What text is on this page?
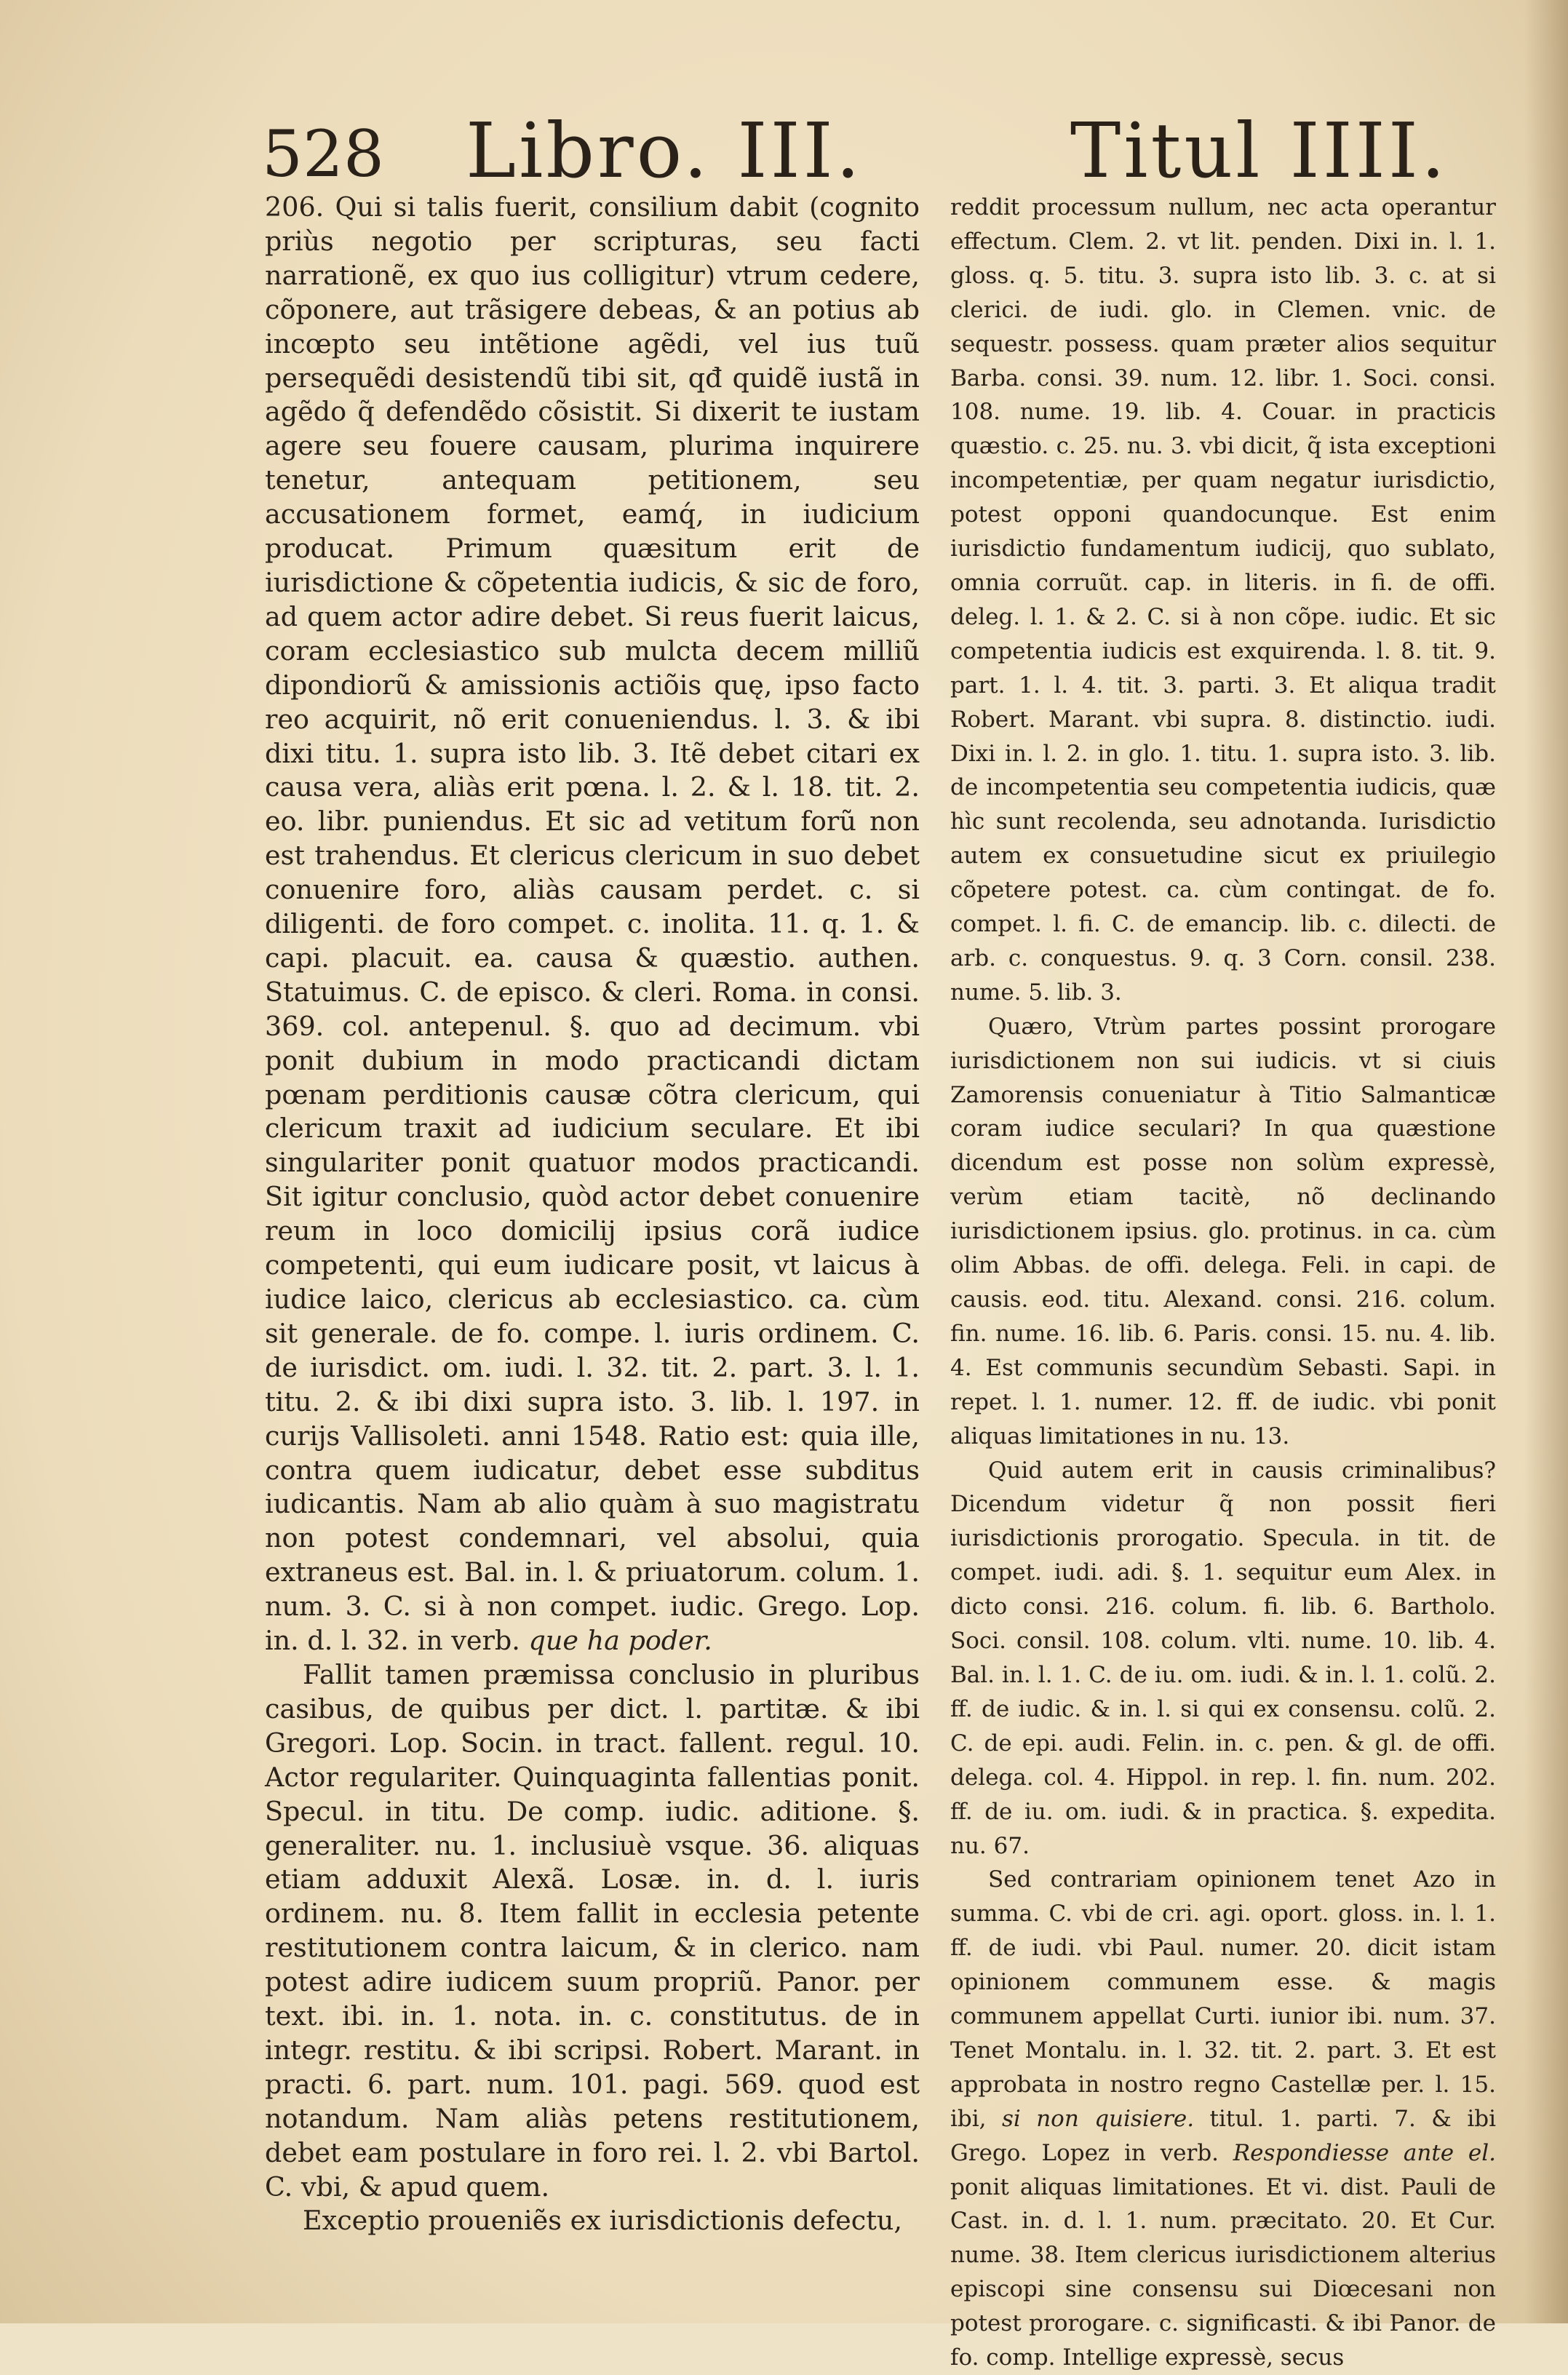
528 Libro. III.	Titul IIII.

206. Qui si talis fuerit, consilium dabit (cognito priùs negotio per scripturas, seu facti narrationẽ, ex quo ius colligitur) vtrum cedere, cõponere, aut trãsigere debeas, & an potius ab incœpto seu intẽtione agẽdi, vel ius tuũ persequẽdi desistendũ tibi sit, qđ quidẽ iustã in agẽdo q̃ defendẽdo cõsistit. Si dixerit te iustam agere seu fouere causam, plurima inquirere tenetur, antequam petitionem, seu accusationem formet, eamq́, in iudicium producat. Primum quæsitum erit de iurisdictione & cõpetentia iudicis, & sic de foro, ad quem actor adire debet. Si reus fuerit laicus, coram ecclesiastico sub mulcta decem milliũ dipondiorũ & amissionis actiõis quę, ipso facto reo acquirit, nõ erit conueniendus. l. 3. & ibi dixi titu. 1. supra isto lib. 3. Itẽ debet citari ex causa vera, aliàs erit pœna. l. 2. & l. 18. tit. 2. eo. libr. puniendus. Et sic ad vetitum forũ non est trahendus. Et clericus clericum in suo debet conuenire foro, aliàs causam perdet. c. si diligenti. de foro compet. c. inolita. 11. q. 1. & capi. placuit. ea. causa & quæstio. authen. Statuimus. C. de episco. & cleri. Roma. in consi. 369. col. antepenul. §. quo ad decimum. vbi ponit dubium in modo practicandi dictam pœnam perditionis causæ cõtra clericum, qui clericum traxit ad iudicium seculare. Et ibi singulariter ponit quatuor modos practicandi. Sit igitur conclusio, quòd actor debet conuenire reum in loco domicilij ipsius corã iudice competenti, qui eum iudicare posit, vt laicus à iudice laico, clericus ab ecclesiastico. ca. cùm sit generale. de fo. compe. l. iuris ordinem. C. de iurisdict. om. iudi. l. 32. tit. 2. part. 3. l. 1. titu. 2. & ibi dixi supra isto. 3. lib. l. 197. in curijs Vallisoleti. anni 1548. Ratio est: quia ille, contra quem iudicatur, debet esse subditus iudicantis. Nam ab alio quàm à suo magistratu non potest condemnari, vel absolui, quia extraneus est. Bal. in. l. & priuatorum. colum. 1. num. 3. C. si à non compet. iudic. Grego. Lop. in. d. l. 32. in verb. que ha poder.

Fallit tamen præmissa conclusio in pluribus casibus, de quibus per dict. l. partitæ. & ibi Gregori. Lop. Socin. in tract. fallent. regul. 10. Actor regulariter. Quinquaginta fallentias ponit. Specul. in titu. De comp. iudic. aditione. §. generaliter. nu. 1. inclusiuè vsque. 36. aliquas etiam adduxit Alexã. Losæ. in. d. l. iuris ordinem. nu. 8. Item fallit in ecclesia petente restitutionem contra laicum, & in clerico. nam potest adire iudicem suum propriũ. Panor. per text. ibi. in. 1. nota. in. c. constitutus. de in integr. restitu. & ibi scripsi. Robert. Marant. in practi. 6. part. num. 101. pagi. 569. quod est notandum. Nam aliàs petens restitutionem, debet eam postulare in foro rei. l. 2. vbi Bartol. C. vbi, & apud quem.

Exceptio proueniẽs ex iurisdictionis defectu,

reddit processum nullum, nec acta operantur effectum. Clem. 2. vt lit. penden. Dixi in. l. 1. gloss. q. 5. titu. 3. supra isto lib. 3. c. at si clerici. de iudi. glo. in Clemen. vnic. de sequestr. possess. quam præter alios sequitur Barba. consi. 39. num. 12. libr. 1. Soci. consi. 108. nume. 19. lib. 4. Couar. in practicis quæstio. c. 25. nu. 3. vbi dicit, q̃ ista exceptioni incompetentiæ, per quam negatur iurisdictio, potest opponi quandocunque. Est enim iurisdictio fundamentum iudicij, quo sublato, omnia corruũt. cap. in literis. in fi. de offi. deleg. l. 1. & 2. C. si à non cõpe. iudic. Et sic competentia iudicis est exquirenda. l. 8. tit. 9. part. 1. l. 4. tit. 3. parti. 3. Et aliqua tradit Robert. Marant. vbi supra. 8. distinctio. iudi. Dixi in. l. 2. in glo. 1. titu. 1. supra isto. 3. lib. de incompetentia seu competentia iudicis, quæ hìc sunt recolenda, seu adnotanda. Iurisdictio autem ex consuetudine sicut ex priuilegio cõpetere potest. ca. cùm contingat. de fo. compet. l. fi. C. de emancip. lib. c. dilecti. de arb. c. conquestus. 9. q. 3 Corn. consil. 238. nume. 5. lib. 3.

Quæro, Vtrùm partes possint prorogare iurisdictionem non sui iudicis. vt si ciuis Zamorensis conueniatur à Titio Salmanticæ coram iudice seculari? In qua quæstione dicendum est posse non solùm expressè, verùm etiam tacitè, nõ declinando iurisdictionem ipsius. glo. protinus. in ca. cùm olim Abbas. de offi. delega. Feli. in capi. de causis. eod. titu. Alexand. consi. 216. colum. fin. nume. 16. lib. 6. Paris. consi. 15. nu. 4. lib. 4. Est communis secundùm Sebasti. Sapi. in repet. l. 1. numer. 12. ff. de iudic. vbi ponit aliquas limitationes in nu. 13.

Quid autem erit in causis criminalibus? Dicendum videtur q̃ non possit fieri iurisdictionis prorogatio. Specula. in tit. de compet. iudi. adi. §. 1. sequitur eum Alex. in dicto consi. 216. colum. fi. lib. 6. Bartholo. Soci. consil. 108. colum. vlti. nume. 10. lib. 4. Bal. in. l. 1. C. de iu. om. iudi. & in. l. 1. colũ. 2. ff. de iudic. & in. l. si qui ex consensu. colũ. 2. C. de epi. audi. Felin. in. c. pen. & gl. de offi. delega. col. 4. Hippol. in rep. l. fin. num. 202. ff. de iu. om. iudi. & in practica. §. expedita. nu. 67.

Sed contrariam opinionem tenet Azo in summa. C. vbi de cri. agi. oport. gloss. in. l. 1. ff. de iudi. vbi Paul. numer. 20. dicit istam opinionem communem esse. & magis communem appellat Curti. iunior ibi. num. 37. Tenet Montalu. in. l. 32. tit. 2. part. 3. Et est approbata in nostro regno Castellæ per. l. 15. ibi, si non quisiere. titul. 1. parti. 7. & ibi Grego. Lopez in verb. Respondiesse ante el. ponit aliquas limitationes. Et vi. dist. Pauli de Cast. in. d. l. 1. num. præcitato. 20. Et Cur. nume. 38. Item clericus iurisdictionem alterius episcopi sine consensu sui Diœcesani non potest prorogare. c. significasti. & ibi Panor. de fo. comp. Intellige expressè, secus
